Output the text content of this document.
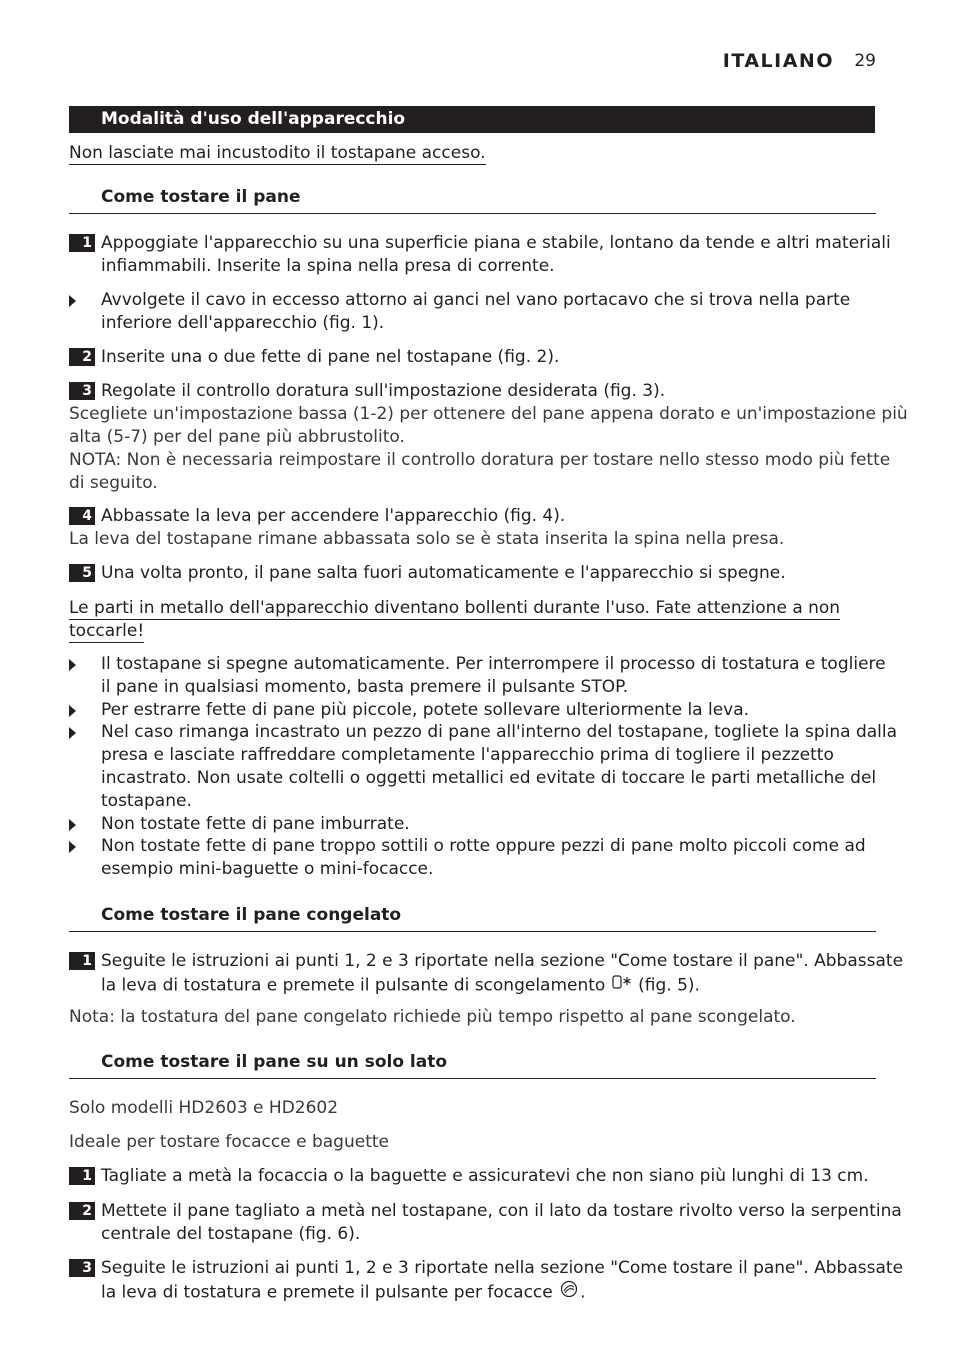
ITALIANO 29
Modalità d'uso dell'apparecchio

Non lasciate mai incustodito il tostapane acceso.

Come tostare il pane
1 Appoggiate l'apparecchio su una superficie piana e stabile, lontano da tende e altri materiali
infiammabili. Inserite la spina nella presa di corrente.

Avvolgete il cavo in eccesso attorno ai ganci nel vano portacavo che si trova nella parte
inferiore dell'apparecchio (fig. 1).

2 Inserite una o due fette di pane nel tostapane (fig. 2).

3 Regolate il controllo doratura sull'impostazione desiderata (fig. 3).

Scegliete un'impostazione bassa (1-2) per ottenere del pane appena dorato e un'impostazione più
alta (5-7) per del pane più abbrustolito.
NOTA: Non è necessaria reimpostare il controllo doratura per tostare nello stesso modo più fette
di seguito.

4 Abbassate la leva per accendere l'apparecchio (fig. 4).

La leva del tostapane rimane abbassata solo se è stata inserita la spina nella presa.

5 Una volta pronto, il pane salta fuori automaticamente e l'apparecchio si spegne.

Le parti in metallo dell'apparecchio diventano bollenti durante l'uso. Fate attenzione a non
toccarle!

Il tostapane si spegne automaticamente. Per interrompere il processo di tostatura e togliere
il pane in qualsiasi momento, basta premere il pulsante STOP.

Per estrarre fette di pane più piccole, potete sollevare ulteriormente la leva.

Nel caso rimanga incastrato un pezzo di pane all'interno del tostapane, togliete la spina dalla
presa e lasciate raffreddare completamente l'apparecchio prima di togliere il pezzetto
incastrato. Non usate coltelli o oggetti metallici ed evitate di toccare le parti metalliche del
tostapane.

Non tostate fette di pane imburrate.

Non tostate fette di pane troppo sottili o rotte oppure pezzi di pane molto piccoli come ad
esempio mini-baguette o mini-focacce.

Come tostare il pane congelato
1 Seguite le istruzioni ai punti 1, 2 e 3 riportate nella sezione "Come tostare il pane". Abbassate
la leva di tostatura e premete il pulsante di scongelamento (fig. 5).

Nota: la tostatura del pane congelato richiede più tempo rispetto al pane scongelato.

Come tostare il pane su un solo lato

Solo modelli HD2603 e HD2602

Ideale per tostare focacce e baguette

1 Tagliate a metà la focaccia o la baguette e assicuratevi che non siano più lunghi di 13 cm.

2 Mettete il pane tagliato a metà nel tostapane, con il lato da tostare rivolto verso la serpentina
centrale del tostapane (fig. 6).

3 Seguite le istruzioni ai punti 1, 2 e 3 riportate nella sezione "Come tostare il pane". Abbassate
la leva di tostatura e premete il pulsante per focacce .
